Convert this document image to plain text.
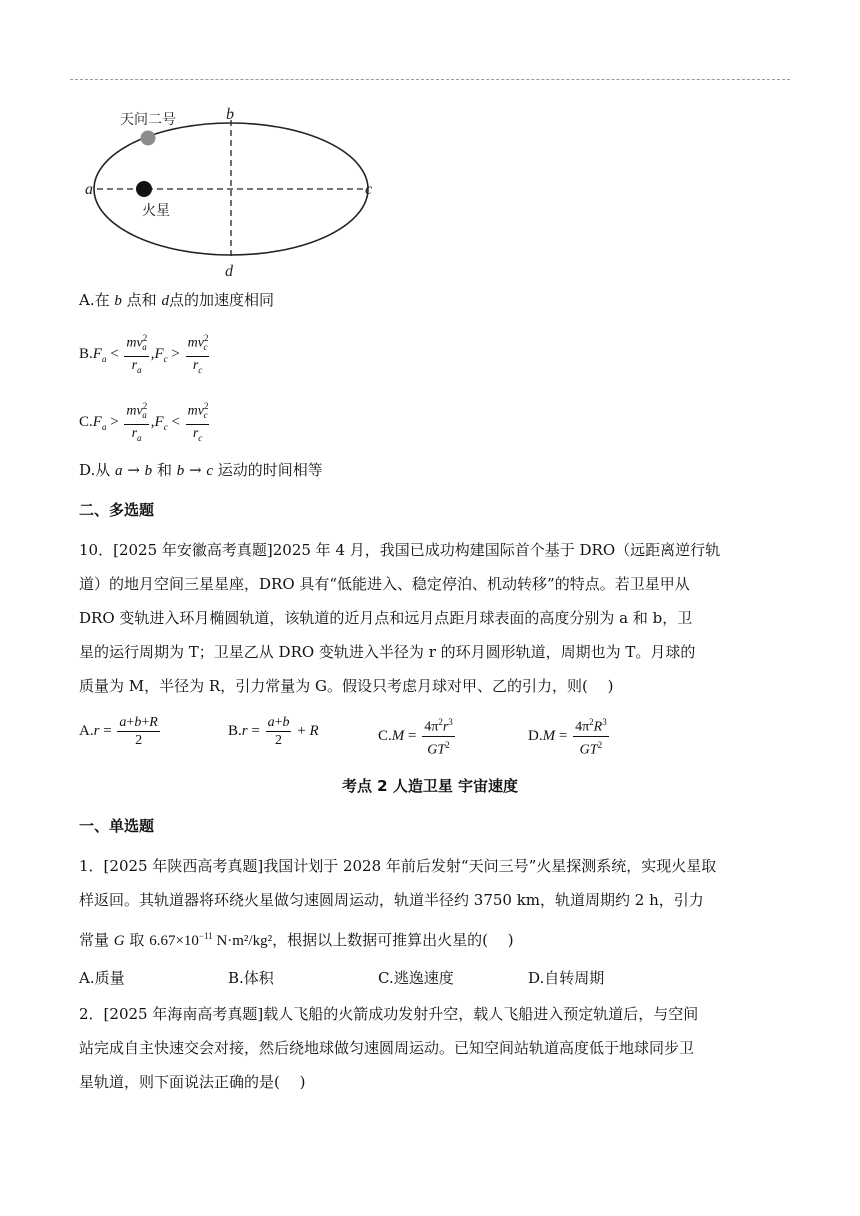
天问二号
火星
a
b
c
d
A.在 b 点和 d点的加速度相同
B. $F_a < \frac{mv^2_a}{r_a}$ , $F_c > \frac{mv^2_c}{r_c}$
C. $F_a > \frac{mv^2_a}{r_a}$ , $F_c < \frac{mv^2_c}{r_c}$
D.从 a → b 和 b → c 运动的时间相等
二、多选题
10．[2025 年安徽高考真题]2025 年 4 月，我国已成功构建国际首个基于 DRO（远距离逆行轨
道）的地月空间三星星座，DRO 具有“低能进入、稳定停泊、机动转移”的特点。若卫星甲从
DRO 变轨进入环月椭圆轨道，该轨道的近月点和远月点距月球表面的高度分别为 a 和 b，卫
星的运行周期为 T；卫星乙从 DRO 变轨进入半径为 r 的环月圆形轨道，周期也为 T。月球的
质量为 M，半径为 R，引力常量为 G。假设只考虑月球对甲、乙的引力，则(　 )
A. $r = \frac{a+b+R}{2}$	B. $r = \frac{a+b}{2} + R$	C. $M = \frac{4\pi^2r^3}{GT^2}$	D. $M = \frac{4\pi^2R^3}{GT^2}$
考点 2 人造卫星 宇宙速度
一、单选题
1．[2025 年陕西高考真题]我国计划于 2028 年前后发射“天问三号”火星探测系统，实现火星取
样返回。其轨道器将环绕火星做匀速圆周运动，轨道半径约 3750 km，轨道周期约 2 h，引力
常量 G 取 $6.67\times 10^{-11}$ N·m²/kg²，根据以上数据可推算出火星的(　 )
A.质量	B.体积	C.逃逸速度	D.自转周期
2．[2025 年海南高考真题]载人飞船的火箭成功发射升空，载人飞船进入预定轨道后，与空间
站完成自主快速交会对接，然后绕地球做匀速圆周运动。已知空间站轨道高度低于地球同步卫
星轨道，则下面说法正确的是(　 )
